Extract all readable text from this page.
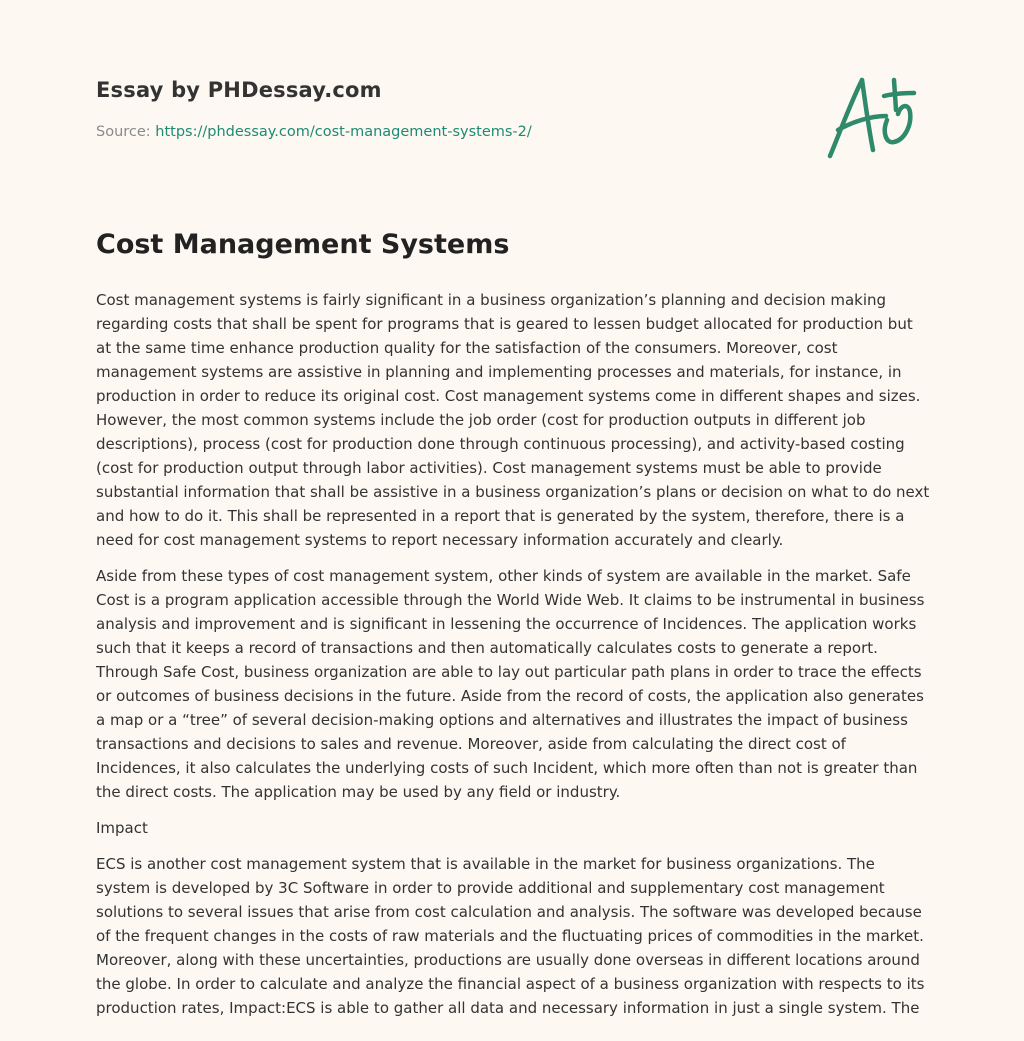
Essay by PHDessay.com
Source: https://phdessay.com/cost-management-systems-2/
Cost Management Systems

Cost management systems is fairly significant in a business organization’s planning and decision making regarding costs that shall be spent for programs that is geared to lessen budget allocated for production but at the same time enhance production quality for the satisfaction of the consumers. Moreover, cost management systems are assistive in planning and implementing processes and materials, for instance, in production in order to reduce its original cost. Cost management systems come in different shapes and sizes. However, the most common systems include the job order (cost for production outputs in different job descriptions), process (cost for production done through continuous processing), and activity-based costing (cost for production output through labor activities). Cost management systems must be able to provide substantial information that shall be assistive in a business organization’s plans or decision on what to do next and how to do it. This shall be represented in a report that is generated by the system, therefore, there is a need for cost management systems to report necessary information accurately and clearly.

Aside from these types of cost management system, other kinds of system are available in the market. Safe Cost is a program application accessible through the World Wide Web. It claims to be instrumental in business analysis and improvement and is significant in lessening the occurrence of Incidences. The application works such that it keeps a record of transactions and then automatically calculates costs to generate a report. Through Safe Cost, business organization are able to lay out particular path plans in order to trace the effects or outcomes of business decisions in the future. Aside from the record of costs, the application also generates a map or a “tree” of several decision-making options and alternatives and illustrates the impact of business transactions and decisions to sales and revenue. Moreover, aside from calculating the direct cost of Incidences, it also calculates the underlying costs of such Incident, which more often than not is greater than the direct costs. The application may be used by any field or industry.

Impact

ECS is another cost management system that is available in the market for business organizations. The system is developed by 3C Software in order to provide additional and supplementary cost management solutions to several issues that arise from cost calculation and analysis. The software was developed because of the frequent changes in the costs of raw materials and the fluctuating prices of commodities in the market. Moreover, along with these uncertainties, productions are usually done overseas in different locations around the globe. In order to calculate and analyze the financial aspect of a business organization with respects to its production rates, Impact:ECS is able to gather all data and necessary information in just a single system. The
